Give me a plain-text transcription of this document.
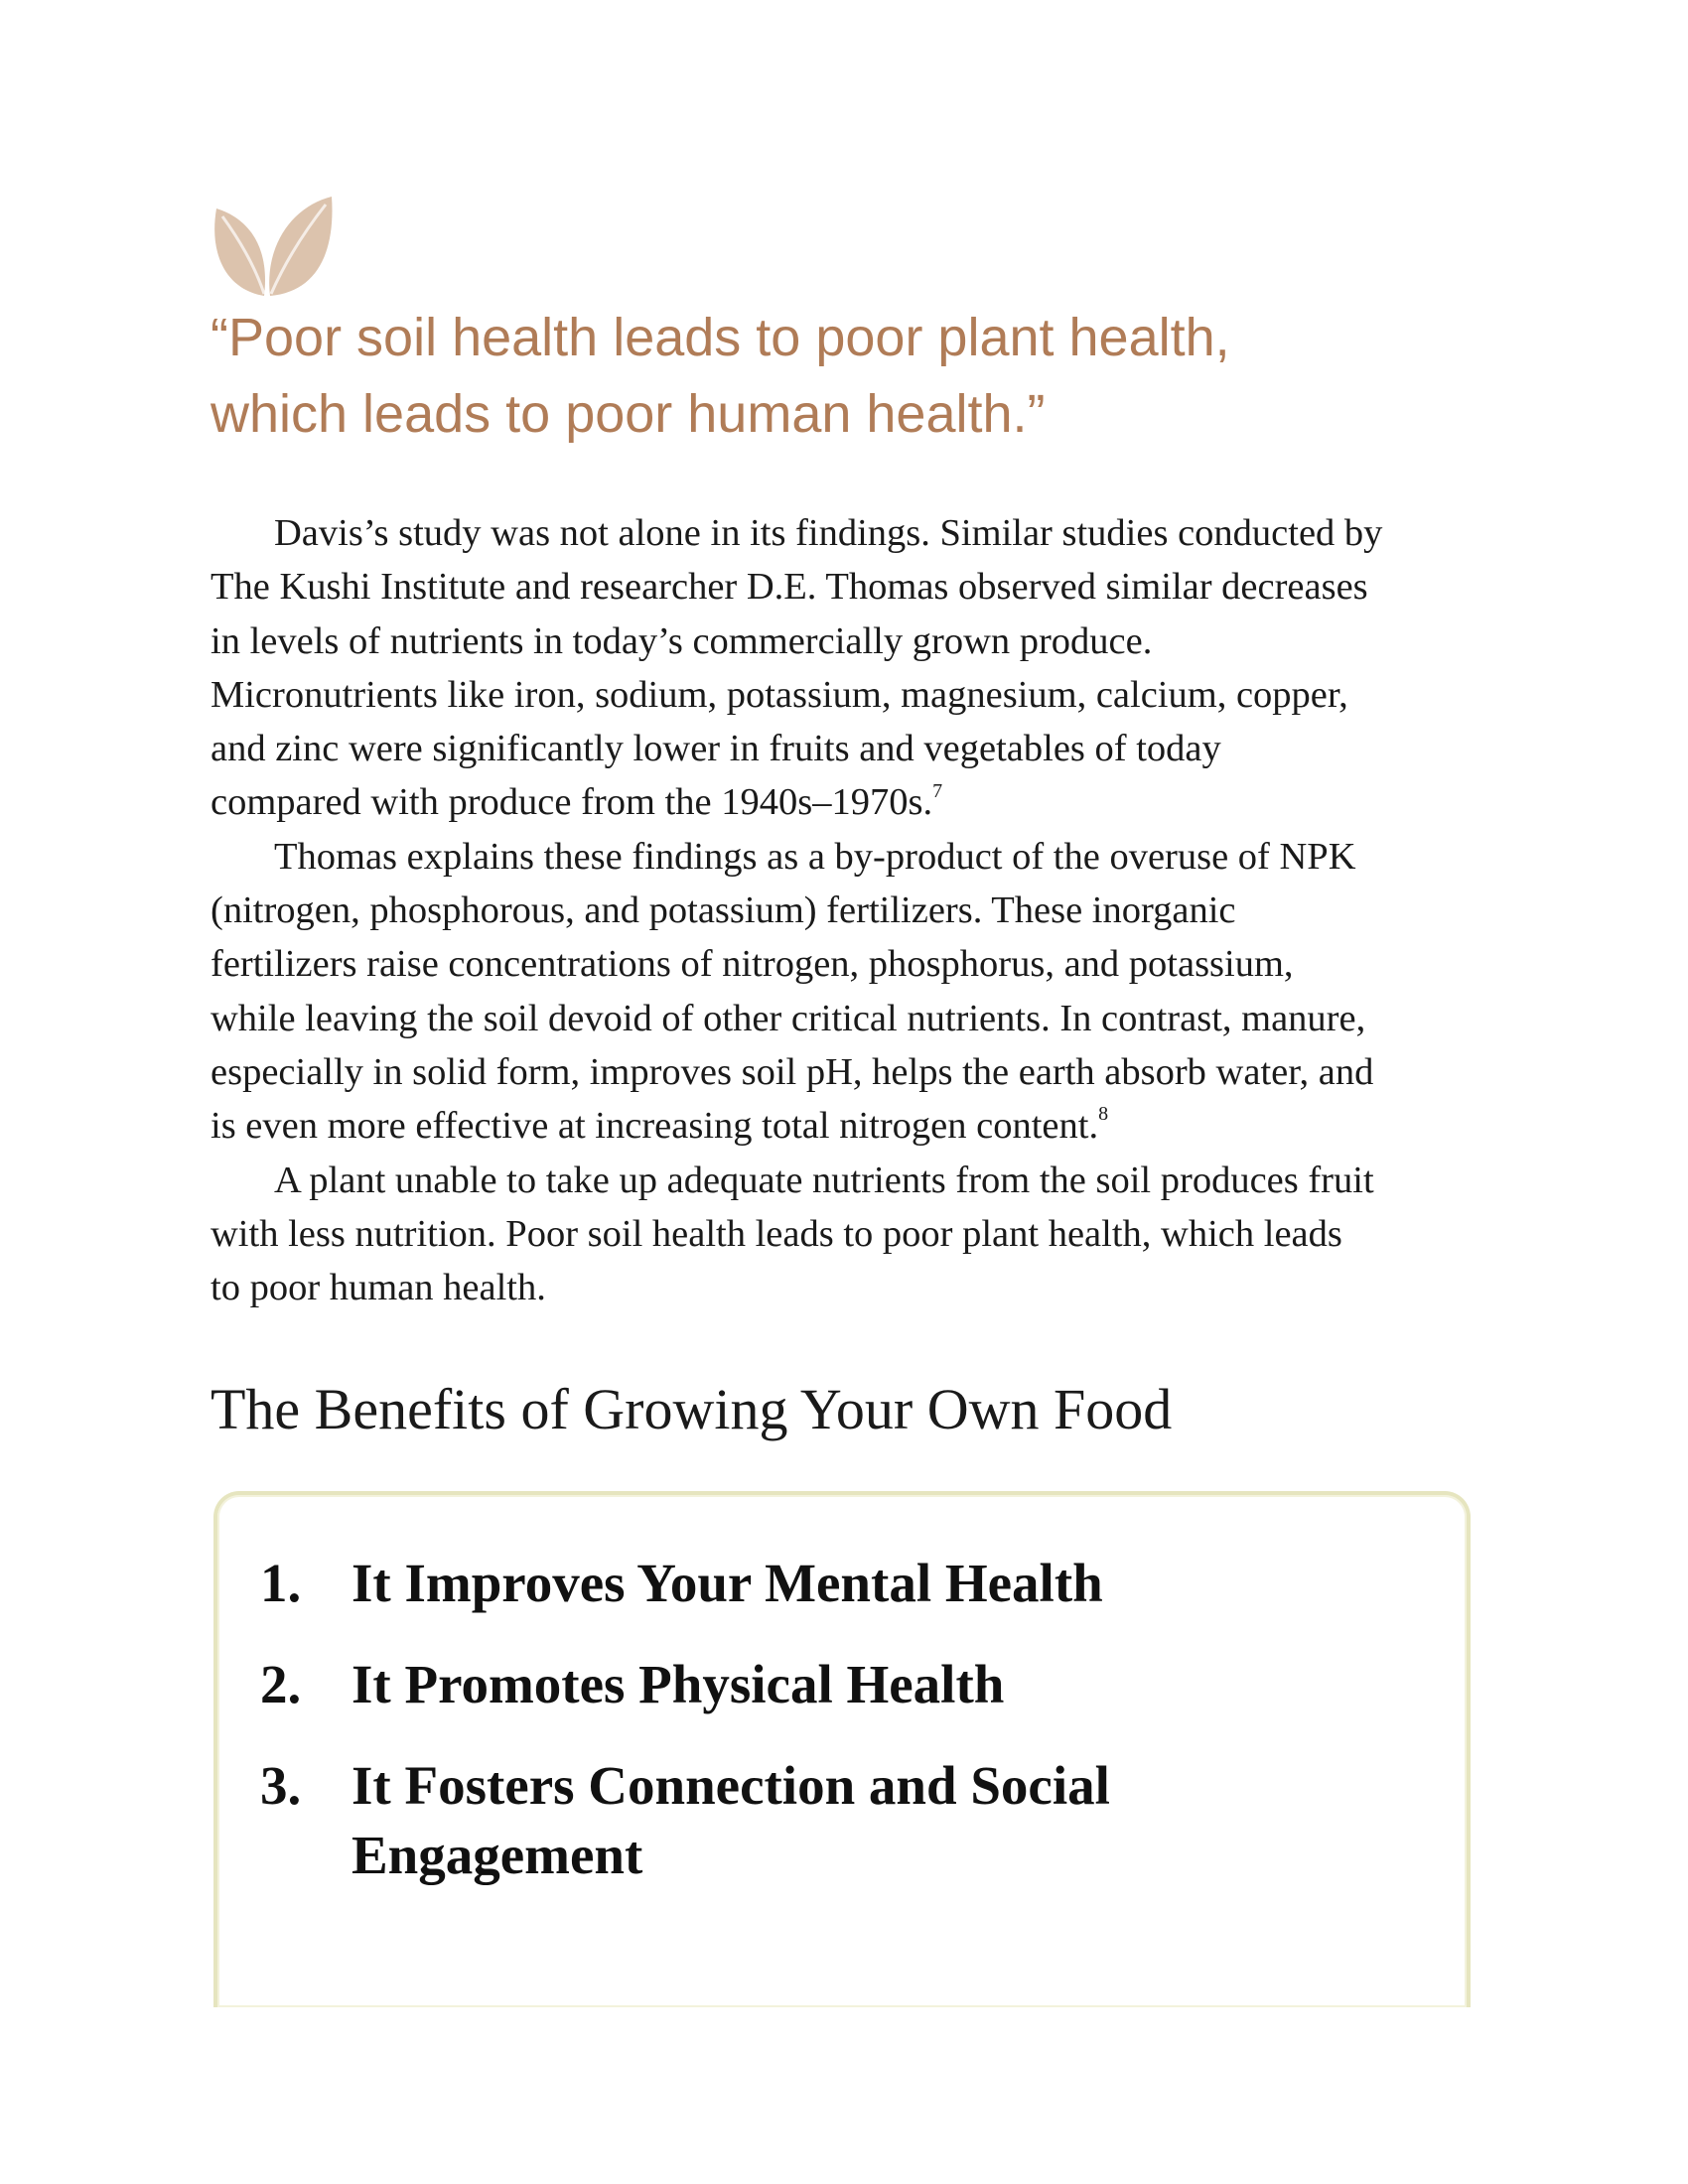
“Poor soil health leads to poor plant health,
which leads to poor human health.”

Davis’s study was not alone in its findings. Similar studies conducted by
The Kushi Institute and researcher D.E. Thomas observed similar decreases
in levels of nutrients in today’s commercially grown produce.
Micronutrients like iron, sodium, potassium, magnesium, calcium, copper,
and zinc were significantly lower in fruits and vegetables of today
compared with produce from the 1940s–1970s.$^7$

Thomas explains these findings as a by-product of the overuse of NPK
(nitrogen, phosphorous, and potassium) fertilizers. These inorganic
fertilizers raise concentrations of nitrogen, phosphorus, and potassium,
while leaving the soil devoid of other critical nutrients. In contrast, manure,
especially in solid form, improves soil pH, helps the earth absorb water, and
is even more effective at increasing total nitrogen content.$^8$

A plant unable to take up adequate nutrients from the soil produces fruit
with less nutrition. Poor soil health leads to poor plant health, which leads
to poor human health.

The Benefits of Growing Your Own Food
1. It Improves Your Mental Health
2. It Promotes Physical Health
3. It Fosters Connection and Social
Engagement
